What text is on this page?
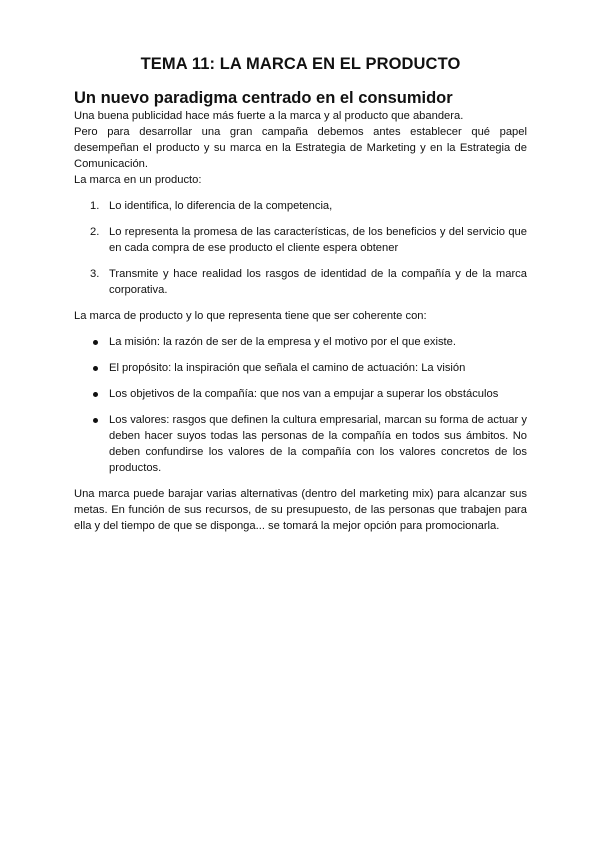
TEMA 11: LA MARCA EN EL PRODUCTO
Un nuevo paradigma centrado en el consumidor

Una buena publicidad hace más fuerte a la marca y al producto que abandera.

Pero para desarrollar una gran campaña debemos antes establecer qué papel desempeñan el producto y su marca en la Estrategia de Marketing y en la Estrategia de Comunicación.

La marca en un producto:

1. Lo identifica, lo diferencia de la competencia,
2. Lo representa la promesa de las características, de los beneficios y del servicio que en cada compra de ese producto el cliente espera obtener
3. Transmite y hace realidad los rasgos de identidad de la compañía y de la marca corporativa.

La marca de producto y lo que representa tiene que ser coherente con:

La misión: la razón de ser de la empresa y el motivo por el que existe.
El propósito: la inspiración que señala el camino de actuación: La visión
Los objetivos de la compañía: que nos van a empujar a superar los obstáculos
Los valores: rasgos que definen la cultura empresarial, marcan su forma de actuar y deben hacer suyos todas las personas de la compañía en todos sus ámbitos. No deben confundirse los valores de la compañía con los valores concretos de los productos.

Una marca puede barajar varias alternativas (dentro del marketing mix) para alcanzar sus metas. En función de sus recursos, de su presupuesto, de las personas que trabajen para ella y del tiempo de que se disponga... se tomará la mejor opción para promocionarla.
